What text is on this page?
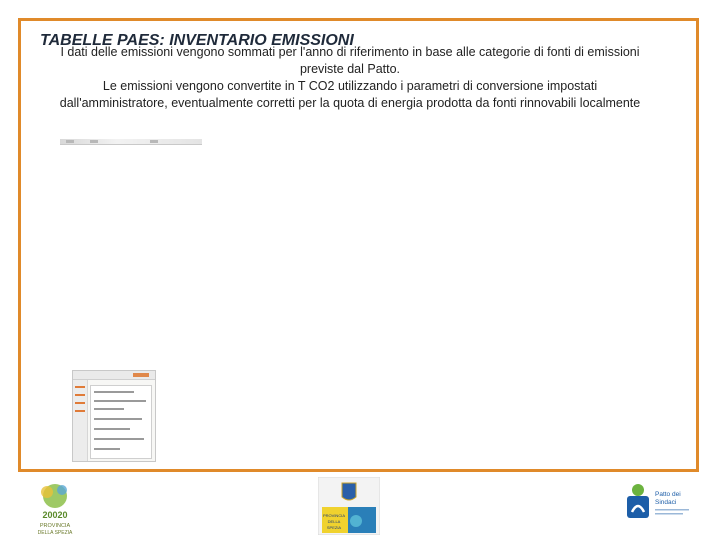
TABELLE PAES: INVENTARIO EMISSIONI

I dati delle emissioni vengono sommati per l'anno di riferimento in base alle categorie di fonti di emissioni previste dal Patto.

Le emissioni vengono convertite in T CO2 utilizzando i parametri di conversione impostati dall'amministratore, eventualmente corretti per la quota di energia prodotta da fonti rinnovabili localmente

20020
PROVINCIA
DELLA SPEZIA
PROVINCIA
DELLA
SPEZIA
Patto dei
Sindaci
